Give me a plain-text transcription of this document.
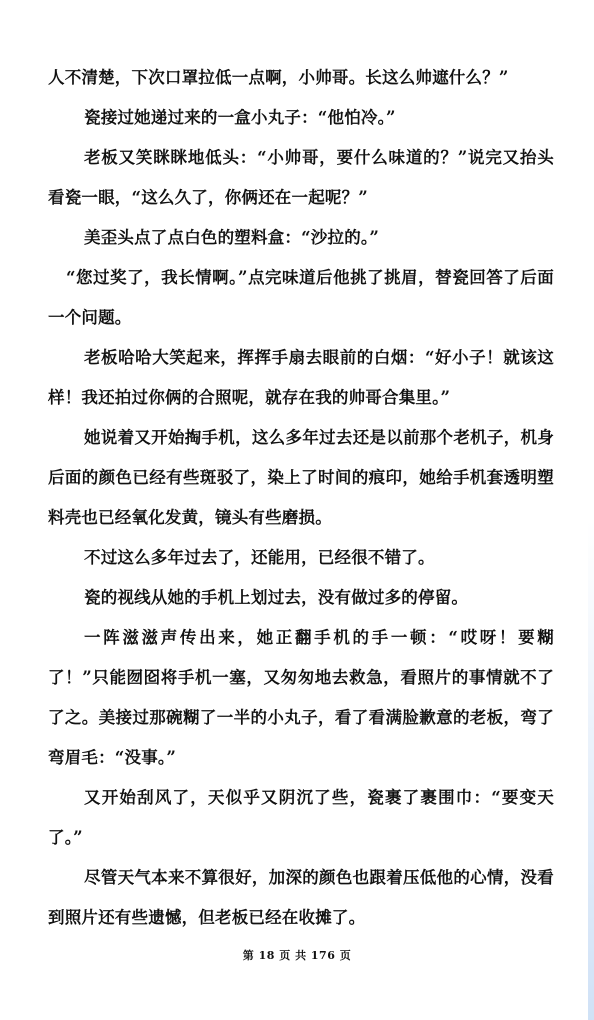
人不清楚，下次口罩拉低一点啊，小帅哥。长这么帅遮什么？”

瓷接过她递过来的一盒小丸子：“他怕冷。”

老板又笑眯眯地低头：“小帅哥，要什么味道的？”说完又抬头看瓷一眼，“这么久了，你俩还在一起呢？”

美歪头点了点白色的塑料盒：“沙拉的。”

“您过奖了，我长情啊。”点完味道后他挑了挑眉，替瓷回答了后面一个问题。

老板哈哈大笑起来，挥挥手扇去眼前的白烟：“好小子！就该这样！我还拍过你俩的合照呢，就存在我的帅哥合集里。”

她说着又开始掏手机，这么多年过去还是以前那个老机子，机身后面的颜色已经有些斑驳了，染上了时间的痕印，她给手机套透明塑料壳也已经氧化发黄，镜头有些磨损。

不过这么多年过去了，还能用，已经很不错了。

瓷的视线从她的手机上划过去，没有做过多的停留。

一阵滋滋声传出来，她正翻手机的手一顿：“哎呀！要糊了！”只能囫囵将手机一塞，又匆匆地去救急，看照片的事情就不了了之。美接过那碗糊了一半的小丸子，看了看满脸歉意的老板，弯了弯眉毛：“没事。”

又开始刮风了，天似乎又阴沉了些，瓷裹了裹围巾：“要变天了。”

尽管天气本来不算很好，加深的颜色也跟着压低他的心情，没看到照片还有些遗憾，但老板已经在收摊了。

第 18 页 共 176 页
